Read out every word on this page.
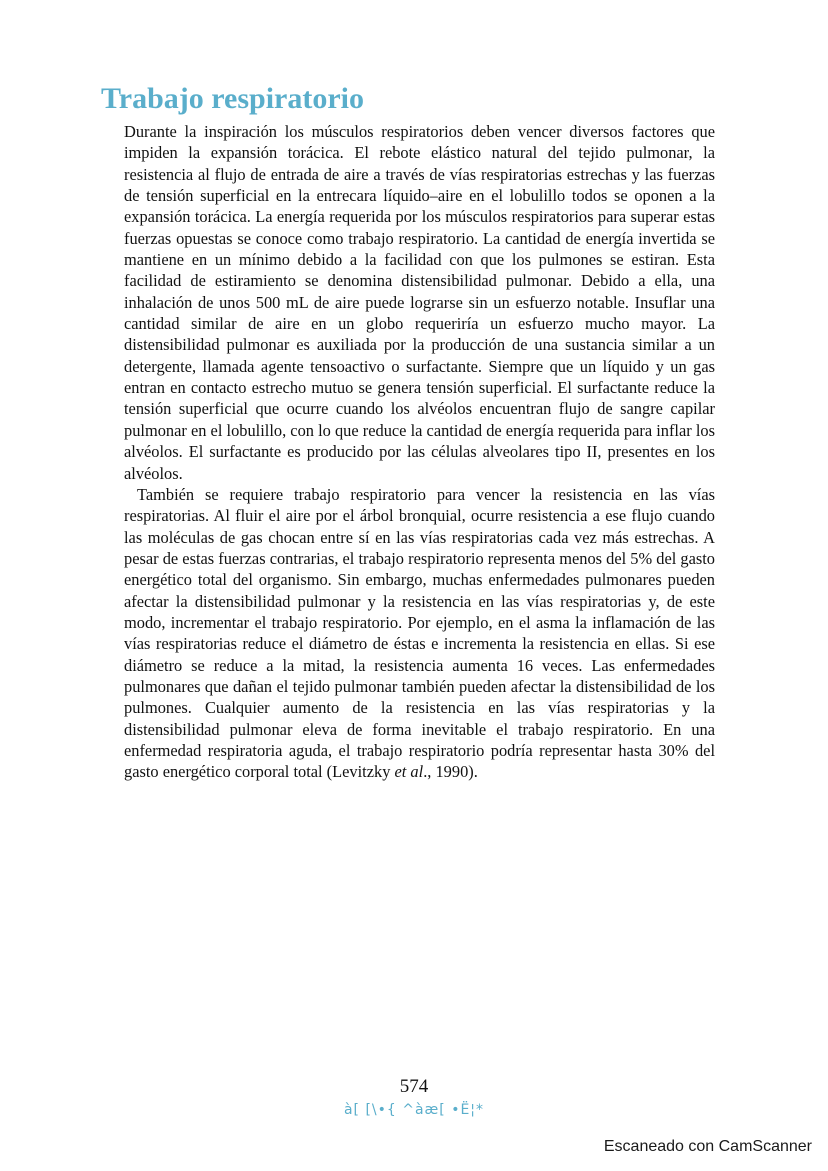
Trabajo respiratorio

Durante la inspiración los músculos respiratorios deben vencer diversos factores que impiden la expansión torácica. El rebote elástico natural del tejido pulmonar, la resistencia al flujo de entrada de aire a través de vías respiratorias estrechas y las fuerzas de tensión superficial en la entrecara líquido–aire en el lobulillo todos se oponen a la expansión torácica. La energía requerida por los músculos respiratorios para superar estas fuerzas opuestas se conoce como trabajo respiratorio. La cantidad de energía invertida se mantiene en un mínimo debido a la facilidad con que los pulmones se estiran. Esta facilidad de estiramiento se denomina distensibilidad pulmonar. Debido a ella, una inhalación de unos 500 mL de aire puede lograrse sin un esfuerzo notable. Insuflar una cantidad similar de aire en un globo requeriría un esfuerzo mucho mayor. La distensibilidad pulmonar es auxiliada por la producción de una sustancia similar a un detergente, llamada agente tensoactivo o surfactante. Siempre que un líquido y un gas entran en contacto estrecho mutuo se genera tensión superficial. El surfactante reduce la tensión superficial que ocurre cuando los alvéolos encuentran flujo de sangre capilar pulmonar en el lobulillo, con lo que reduce la cantidad de energía requerida para inflar los alvéolos. El surfactante es producido por las células alveolares tipo II, presentes en los alvéolos.

También se requiere trabajo respiratorio para vencer la resistencia en las vías respiratorias. Al fluir el aire por el árbol bronquial, ocurre resistencia a ese flujo cuando las moléculas de gas chocan entre sí en las vías respiratorias cada vez más estrechas. A pesar de estas fuerzas contrarias, el trabajo respiratorio representa menos del 5% del gasto energético total del organismo. Sin embargo, muchas enfermedades pulmonares pueden afectar la distensibilidad pulmonar y la resistencia en las vías respiratorias y, de este modo, incrementar el trabajo respiratorio. Por ejemplo, en el asma la inflamación de las vías respiratorias reduce el diámetro de éstas e incrementa la resistencia en ellas. Si ese diámetro se reduce a la mitad, la resistencia aumenta 16 veces. Las enfermedades pulmonares que dañan el tejido pulmonar también pueden afectar la distensibilidad de los pulmones. Cualquier aumento de la resistencia en las vías respiratorias y la distensibilidad pulmonar eleva de forma inevitable el trabajo respiratorio. En una enfermedad respiratoria aguda, el trabajo respiratorio podría representar hasta 30% del gasto energético corporal total (Levitzky et al., 1990).

574
à[ [\•{ ^àæ[ •Ë¦*
Escaneado con CamScanner
